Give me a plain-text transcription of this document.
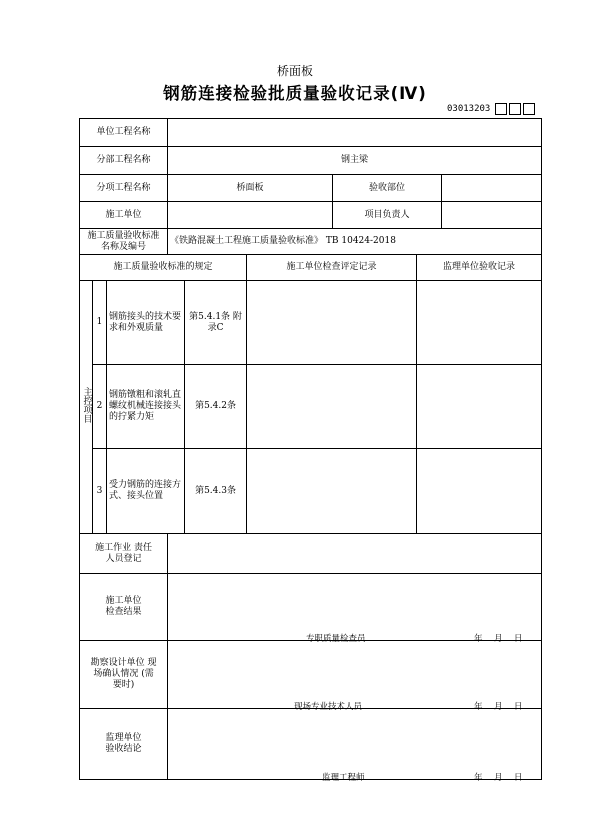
桥面板
钢筋连接检验批质量验收记录(Ⅳ)
03013203
单位工程名称								
分部工程名称			钢主梁					
分项工程名称			桥面板			验收部位		
施工单位						项目负责人		

施工质量验收标准
名称及编号			《铁路混凝土工程施工质量验收标准》 TB 10424-2018					
施工质量验收标准的规定					施工单位检查评定记录		监理单位验收记录	
主控项目	1	钢筋接头的技术要求和外观质量		第5.4.1条 附录C				
	2	钢筋镦粗和滚轧直螺纹机械连接接头的拧紧力矩		第5.4.2条				
	3	受力钢筋的连接方式、接头位置		第5.4.3条				
施工作业 责任人员登记								
施工单位 检查结果			专职质量检查员 年 月 日					

勘察设计单位 现场确认情况 (需要时)			现场专业技术人员 年 月 日					

监理单位 验收结论			监理工程师 年 月 日					
